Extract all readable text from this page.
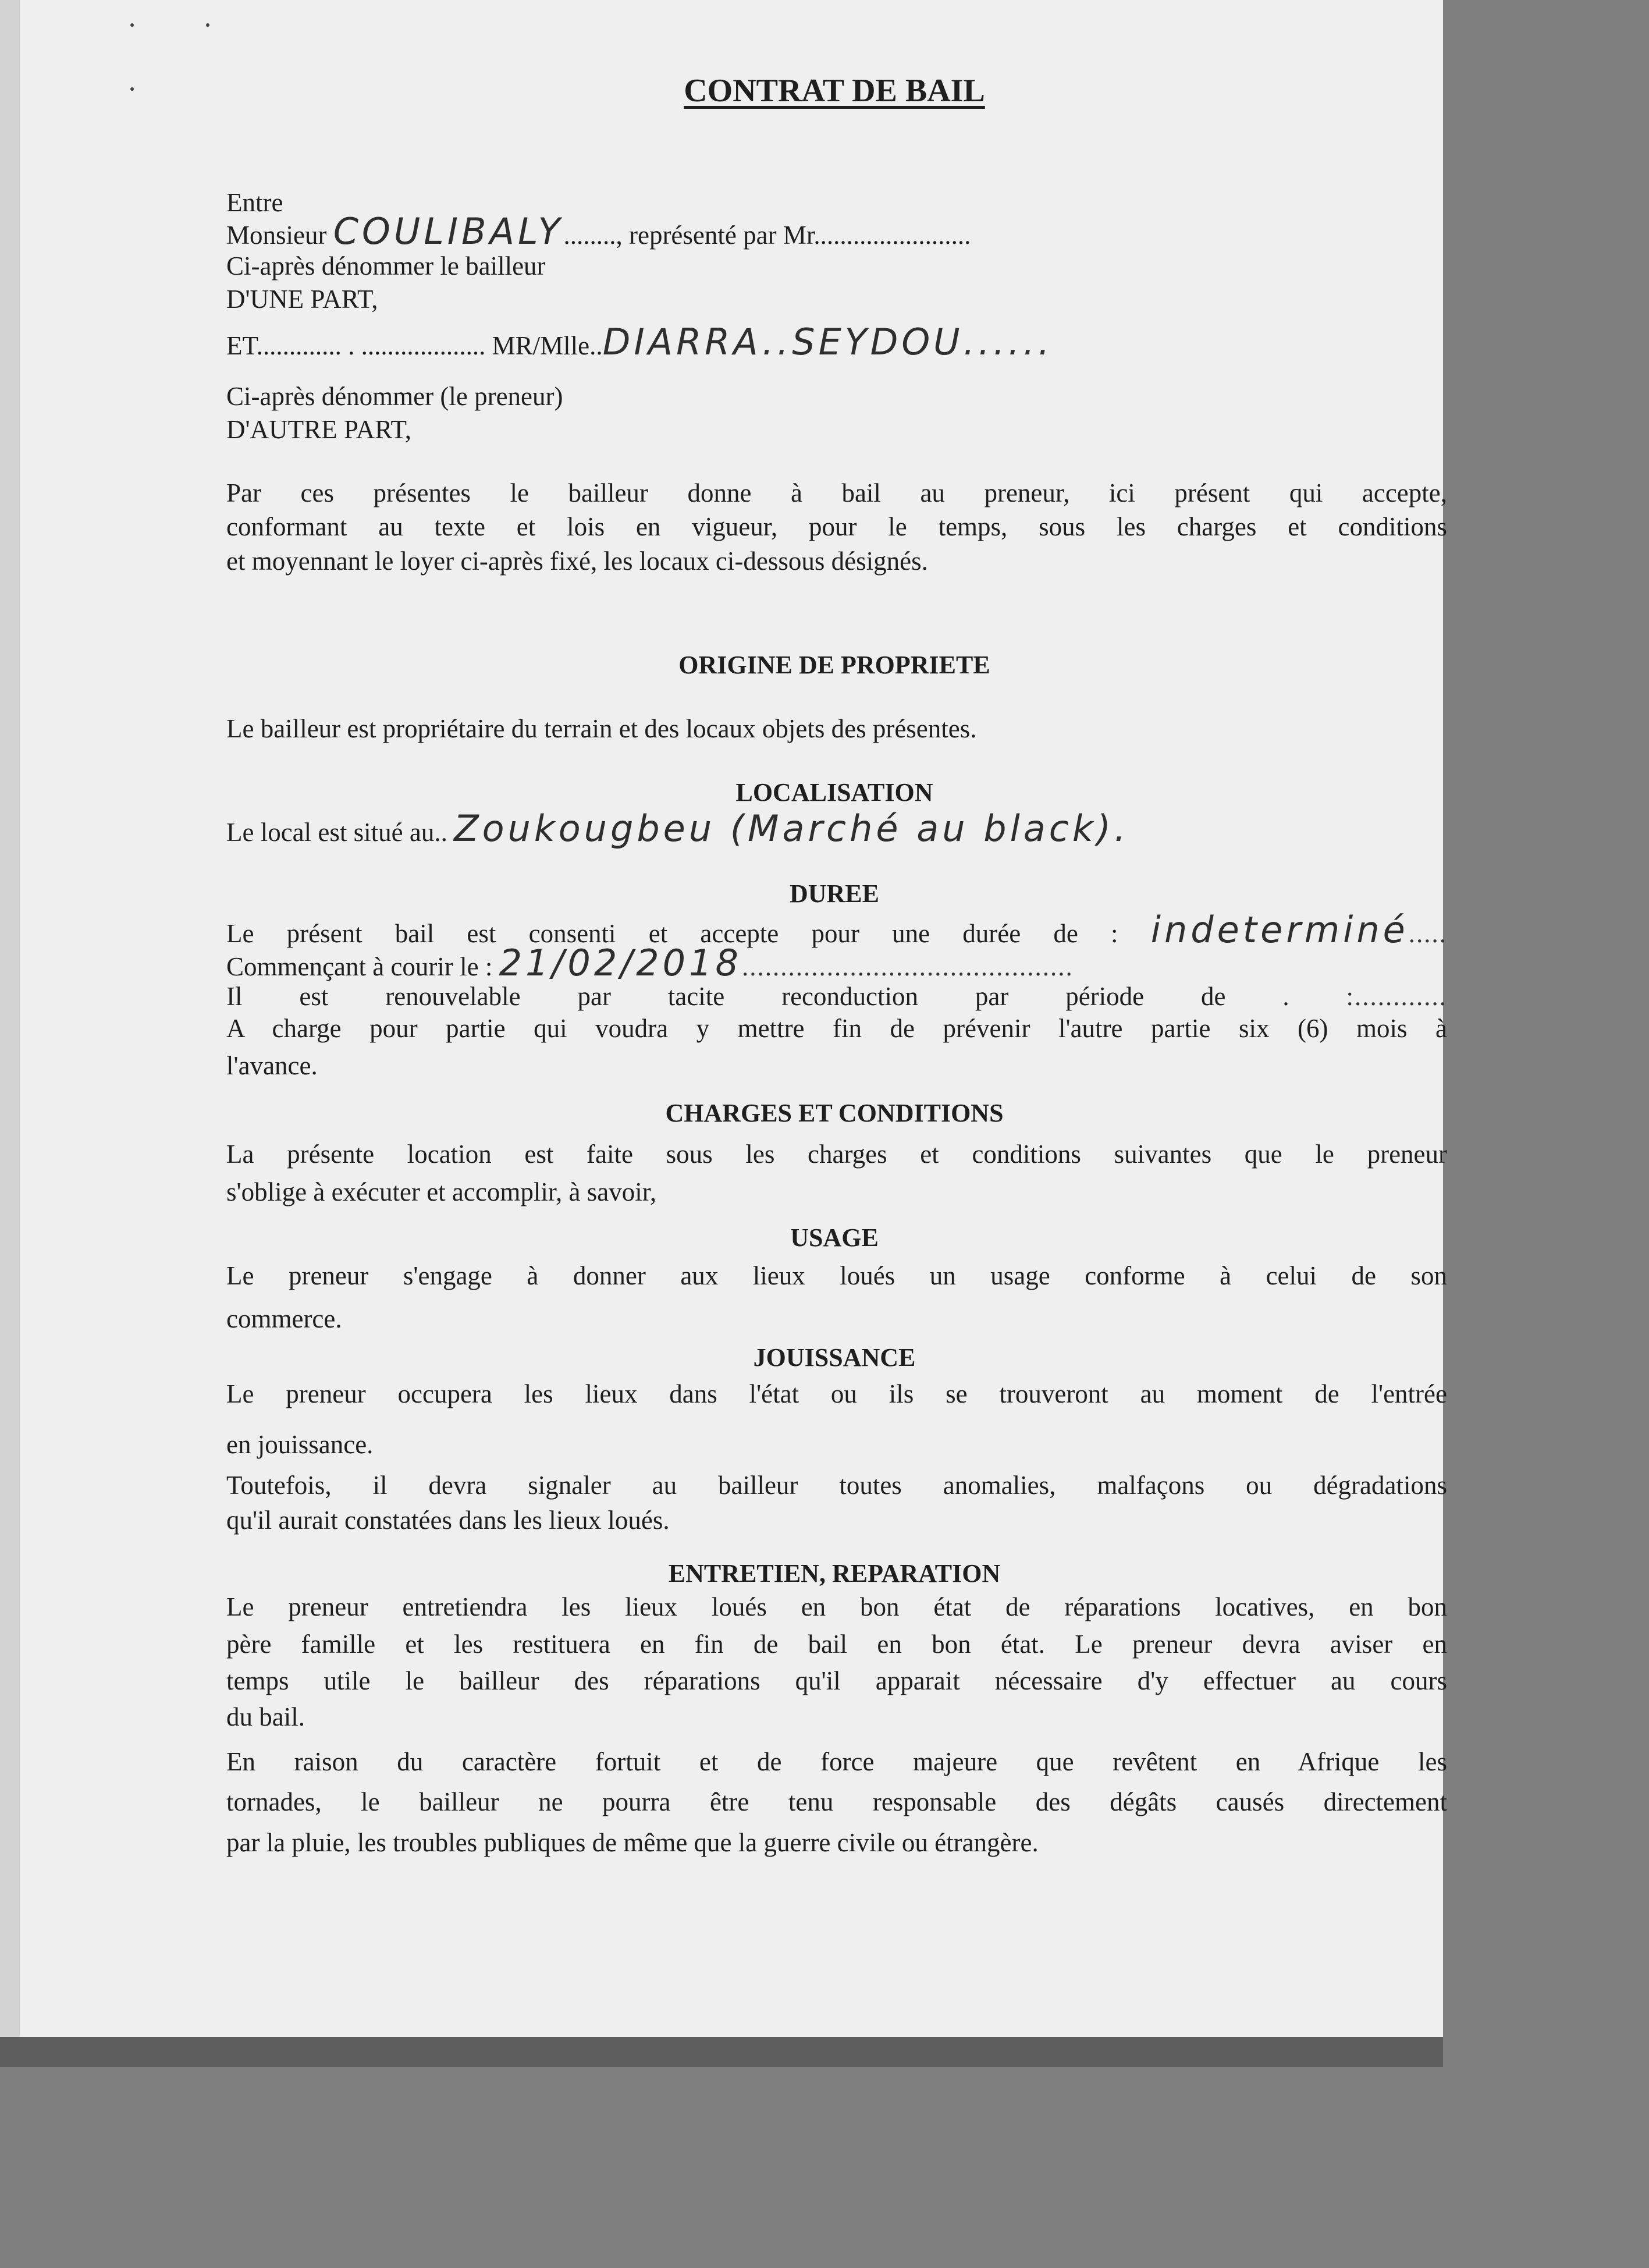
CONTRAT DE BAIL
Entre
Monsieur COULIBALY........, représenté par Mr........................
Ci-après dénommer le bailleur
D'UNE PART,
ET............. . ................... MR/Mlle..DIARRA..SEYDOU......
Ci-après dénommer (le preneur)
D'AUTRE PART,
Par ces présentes le bailleur donne à bail au preneur, ici présent qui accepte,
conformant au texte et lois en vigueur, pour le temps, sous les charges et conditions
et moyennant le loyer ci-après fixé, les locaux ci-dessous désignés.
ORIGINE DE PROPRIETE
Le bailleur est propriétaire du terrain et des locaux objets des présentes.
LOCALISATION
Le local est situé au.. Zoukougbeu (Marché au black).
DUREE
Le présent bail est consenti et accepte pour une durée de : indeterminé.....
Commençant à courir le : 21/02/2018...........................................
Il est renouvelable par tacite reconduction par période de . :............
A charge pour partie qui voudra y mettre fin de prévenir l'autre partie six (6) mois à
l'avance.
CHARGES ET CONDITIONS
La présente location est faite sous les charges et conditions suivantes que le preneur
s'oblige à exécuter et accomplir, à savoir,
USAGE
Le preneur s'engage à donner aux lieux loués un usage conforme à celui de son
commerce.
JOUISSANCE
Le preneur occupera les lieux dans l'état ou ils se trouveront au moment de l'entrée
en jouissance.
Toutefois, il devra signaler au bailleur toutes anomalies, malfaçons ou dégradations
qu'il aurait constatées dans les lieux loués.
ENTRETIEN, REPARATION
Le preneur entretiendra les lieux loués en bon état de réparations locatives, en bon
père famille et les restituera en fin de bail en bon état. Le preneur devra aviser en
temps utile le bailleur des réparations qu'il apparait nécessaire d'y effectuer au cours
du bail.
En raison du caractère fortuit et de force majeure que revêtent en Afrique les
tornades, le bailleur ne pourra être tenu responsable des dégâts causés directement
par la pluie, les troubles publiques de même que la guerre civile ou étrangère.
